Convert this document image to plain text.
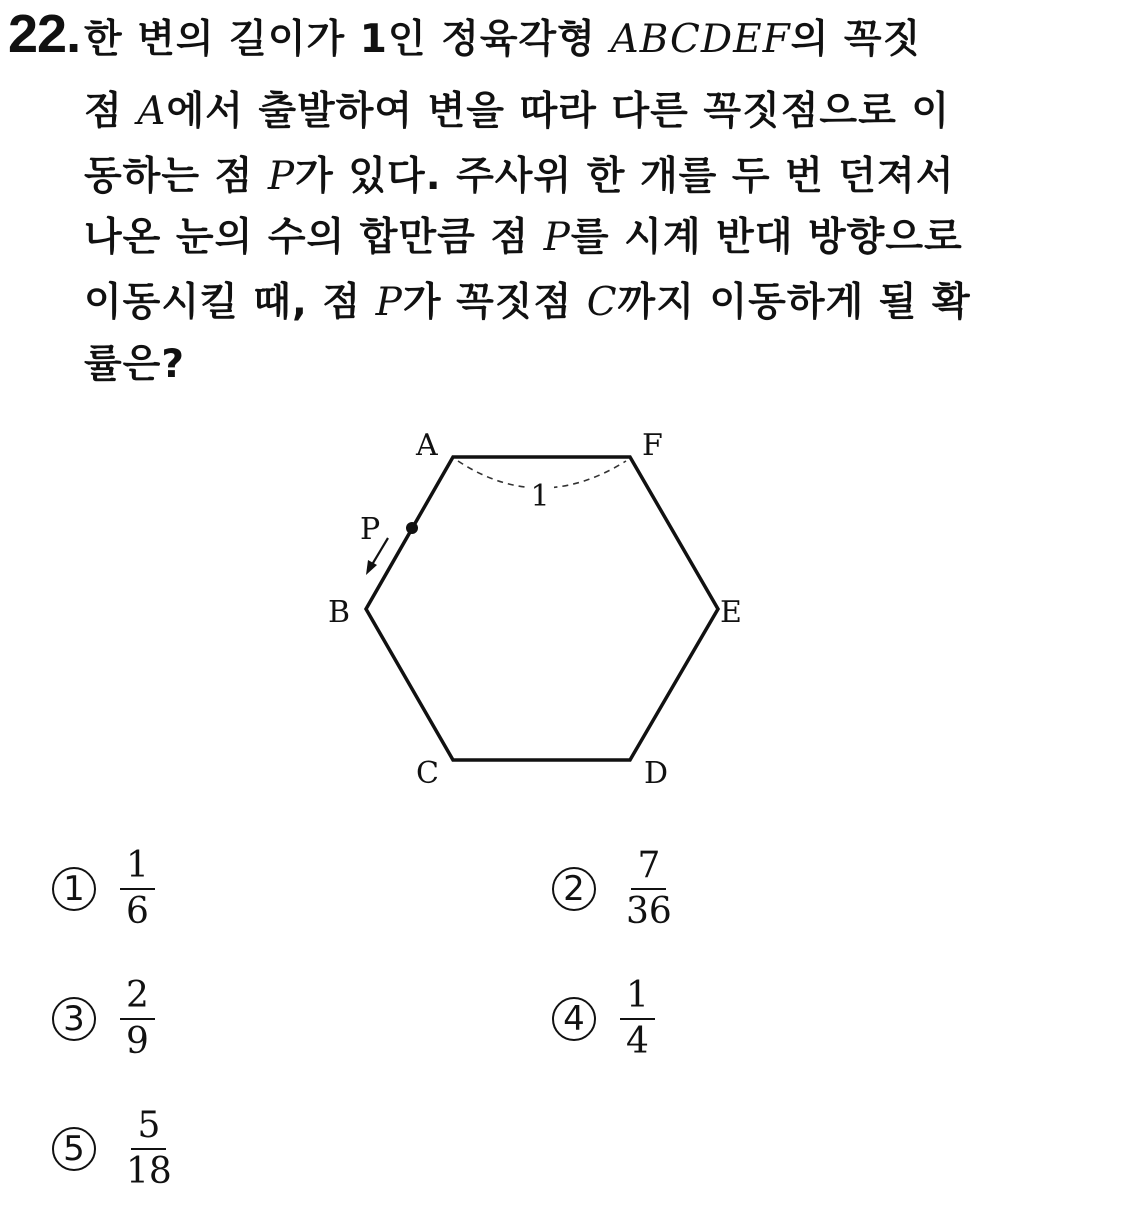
22. 한 변의 길이가 1인 정육각형 ABCDEF의 꼭짓
점 A에서 출발하여 변을 따라 다른 꼭짓점으로 이
동하는 점 P가 있다. 주사위 한 개를 두 번 던져서
나온 눈의 수의 합만큼 점 P를 시계 반대 방향으로
이동시킬 때, 점 P가 꼭짓점 C까지 이동하게 될 확
률은?
1
P
A
B
C	D
E
F
$1 \frac{1}{6}$	$2 \frac{7}{36}$
$3 \frac{2}{9}$	$4 \frac{1}{4}$
$5 \frac{5}{18}$
